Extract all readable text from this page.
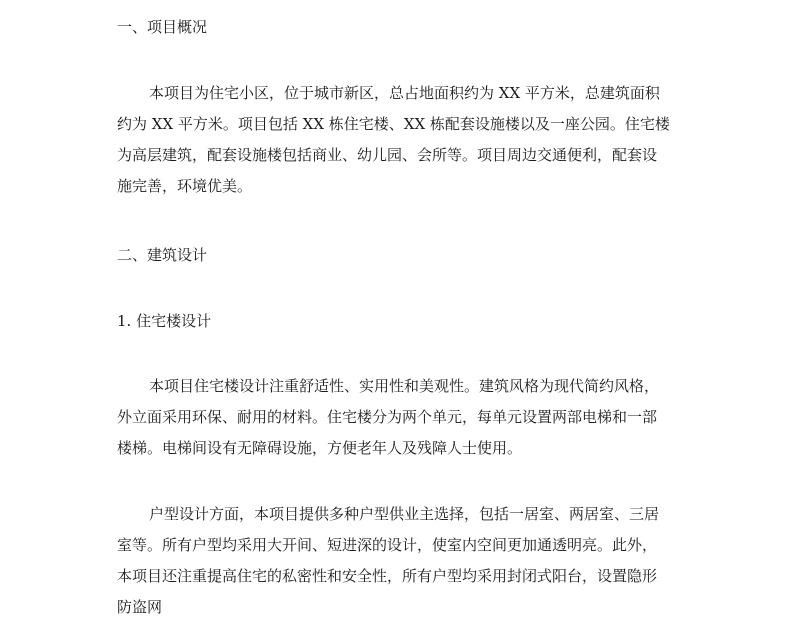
一、项目概况
本项目为住宅小区，位于城市新区，总占地面积约为 XX 平方米，总建筑面积
约为 XX 平方米。项目包括 XX 栋住宅楼、XX 栋配套设施楼以及一座公园。住宅楼
为高层建筑，配套设施楼包括商业、幼儿园、会所等。项目周边交通便利，配套设
施完善，环境优美。
二、建筑设计
1. 住宅楼设计
本项目住宅楼设计注重舒适性、实用性和美观性。建筑风格为现代简约风格，
外立面采用环保、耐用的材料。住宅楼分为两个单元，每单元设置两部电梯和一部
楼梯。电梯间设有无障碍设施，方便老年人及残障人士使用。
户型设计方面，本项目提供多种户型供业主选择，包括一居室、两居室、三居
室等。所有户型均采用大开间、短进深的设计，使室内空间更加通透明亮。此外，
本项目还注重提高住宅的私密性和安全性，所有户型均采用封闭式阳台，设置隐形
防盗网
